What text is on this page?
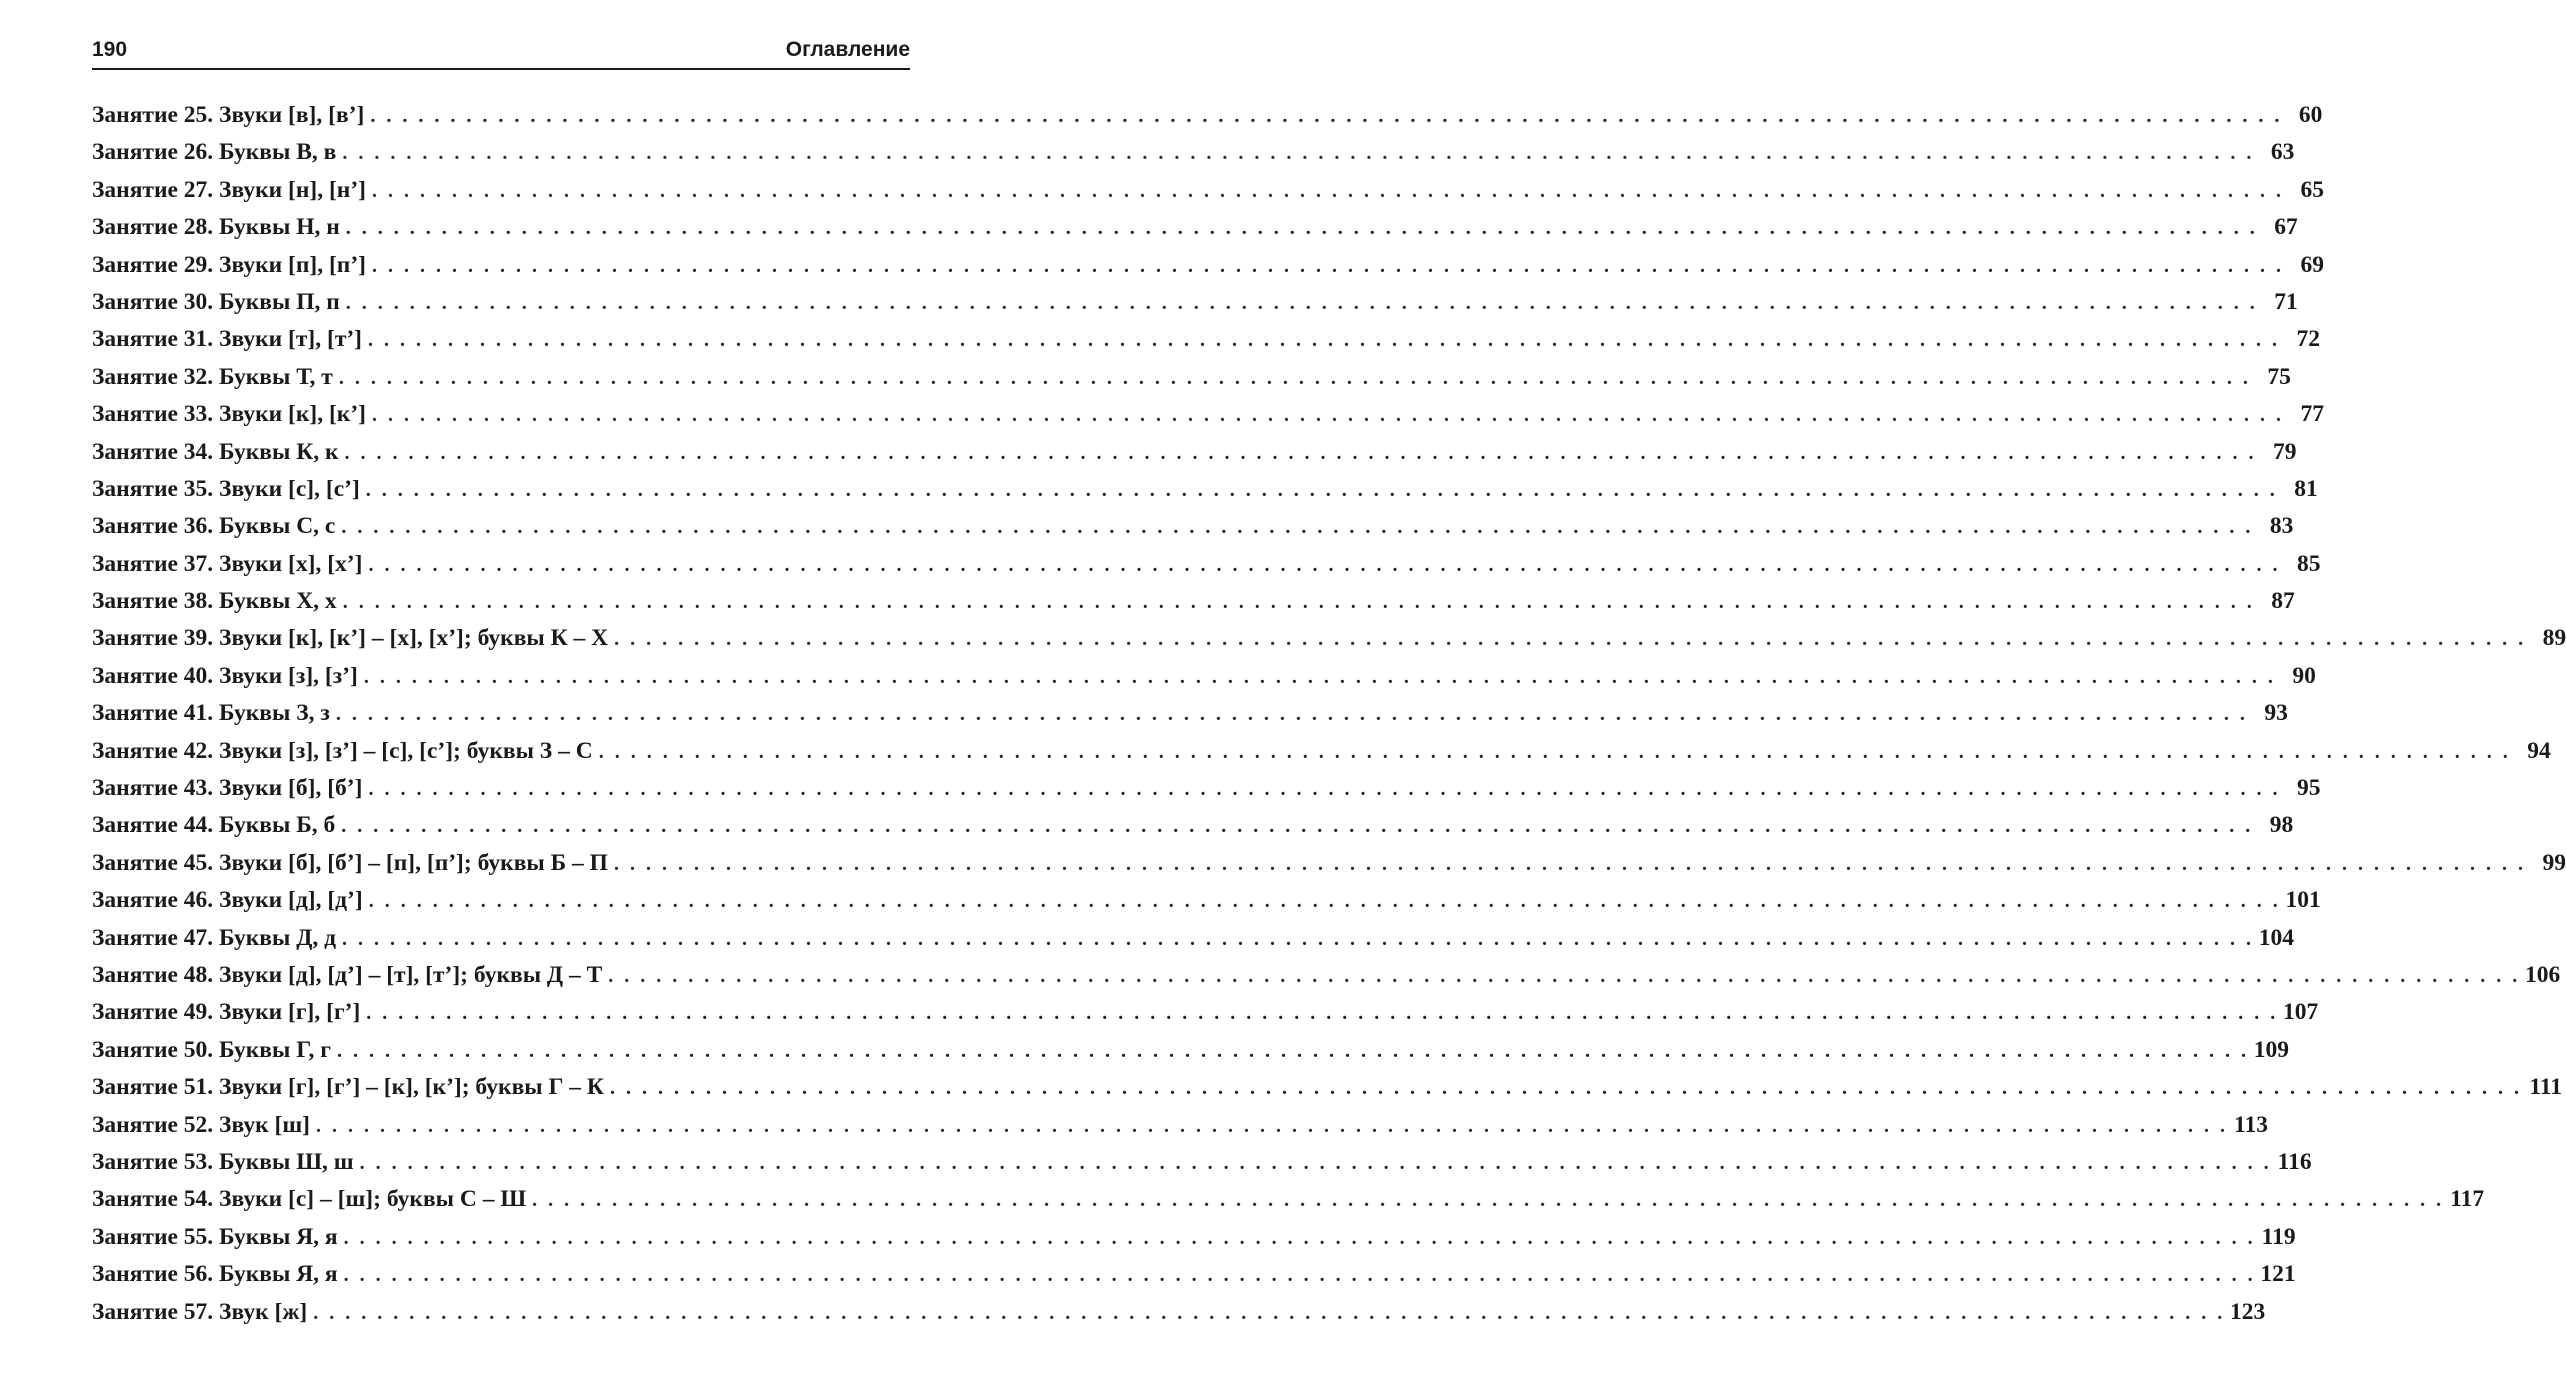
190	Оглавление
Занятие 25. Звуки [в], [в’] . . . . . . . . . . . . . . . . . . . . . . . . . . . . . . . . . . . . . . . . . . . . . . . . . . . . . . . . . . . . . . . . . . . . . . . . . . . . . . . . . . . . . . . . . . . . . . . . . . . . . . . . . . . . . . . . . . . . . . . . 60
Занятие 26. Буквы В, в . . . . . . . . . . . . . . . . . . . . . . . . . . . . . . . . . . . . . . . . . . . . . . . . . . . . . . . . . . . . . . . . . . . . . . . . . . . . . . . . . . . . . . . . . . . . . . . . . . . . . . . . . . . . . . . . . . . . . . . . 63
Занятие 27. Звуки [н], [н’] . . . . . . . . . . . . . . . . . . . . . . . . . . . . . . . . . . . . . . . . . . . . . . . . . . . . . . . . . . . . . . . . . . . . . . . . . . . . . . . . . . . . . . . . . . . . . . . . . . . . . . . . . . . . . . . . . . . . . . . . 65
Занятие 28. Буквы Н, н . . . . . . . . . . . . . . . . . . . . . . . . . . . . . . . . . . . . . . . . . . . . . . . . . . . . . . . . . . . . . . . . . . . . . . . . . . . . . . . . . . . . . . . . . . . . . . . . . . . . . . . . . . . . . . . . . . . . . . . . 67
Занятие 29. Звуки [п], [п’] . . . . . . . . . . . . . . . . . . . . . . . . . . . . . . . . . . . . . . . . . . . . . . . . . . . . . . . . . . . . . . . . . . . . . . . . . . . . . . . . . . . . . . . . . . . . . . . . . . . . . . . . . . . . . . . . . . . . . . . . 69
Занятие 30. Буквы П, п . . . . . . . . . . . . . . . . . . . . . . . . . . . . . . . . . . . . . . . . . . . . . . . . . . . . . . . . . . . . . . . . . . . . . . . . . . . . . . . . . . . . . . . . . . . . . . . . . . . . . . . . . . . . . . . . . . . . . . . . 71
Занятие 31. Звуки [т], [т’] . . . . . . . . . . . . . . . . . . . . . . . . . . . . . . . . . . . . . . . . . . . . . . . . . . . . . . . . . . . . . . . . . . . . . . . . . . . . . . . . . . . . . . . . . . . . . . . . . . . . . . . . . . . . . . . . . . . . . . . . 72
Занятие 32. Буквы Т, т . . . . . . . . . . . . . . . . . . . . . . . . . . . . . . . . . . . . . . . . . . . . . . . . . . . . . . . . . . . . . . . . . . . . . . . . . . . . . . . . . . . . . . . . . . . . . . . . . . . . . . . . . . . . . . . . . . . . . . . . 75
Занятие 33. Звуки [к], [к’] . . . . . . . . . . . . . . . . . . . . . . . . . . . . . . . . . . . . . . . . . . . . . . . . . . . . . . . . . . . . . . . . . . . . . . . . . . . . . . . . . . . . . . . . . . . . . . . . . . . . . . . . . . . . . . . . . . . . . . . . 77
Занятие 34. Буквы К, к . . . . . . . . . . . . . . . . . . . . . . . . . . . . . . . . . . . . . . . . . . . . . . . . . . . . . . . . . . . . . . . . . . . . . . . . . . . . . . . . . . . . . . . . . . . . . . . . . . . . . . . . . . . . . . . . . . . . . . . . 79
Занятие 35. Звуки [с], [с’] . . . . . . . . . . . . . . . . . . . . . . . . . . . . . . . . . . . . . . . . . . . . . . . . . . . . . . . . . . . . . . . . . . . . . . . . . . . . . . . . . . . . . . . . . . . . . . . . . . . . . . . . . . . . . . . . . . . . . . . . 81
Занятие 36. Буквы С, с . . . . . . . . . . . . . . . . . . . . . . . . . . . . . . . . . . . . . . . . . . . . . . . . . . . . . . . . . . . . . . . . . . . . . . . . . . . . . . . . . . . . . . . . . . . . . . . . . . . . . . . . . . . . . . . . . . . . . . . . 83
Занятие 37. Звуки [х], [х’] . . . . . . . . . . . . . . . . . . . . . . . . . . . . . . . . . . . . . . . . . . . . . . . . . . . . . . . . . . . . . . . . . . . . . . . . . . . . . . . . . . . . . . . . . . . . . . . . . . . . . . . . . . . . . . . . . . . . . . . . 85
Занятие 38. Буквы Х, х . . . . . . . . . . . . . . . . . . . . . . . . . . . . . . . . . . . . . . . . . . . . . . . . . . . . . . . . . . . . . . . . . . . . . . . . . . . . . . . . . . . . . . . . . . . . . . . . . . . . . . . . . . . . . . . . . . . . . . . . 87
Занятие 39. Звуки [к], [к’] – [х], [х’]; буквы К – Х . . . . . . . . . . . . . . . . . . . . . . . . . . . . . . . . . . . . . . . . . . . . . . . . . . . . . . . . . . . . . . . . . . . . . . . . . . . . . . . . . . . . . . . . . . . . . . . . . . . . . . . . . . . . . . . . . . . . . . . . 89
Занятие 40. Звуки [з], [з’] . . . . . . . . . . . . . . . . . . . . . . . . . . . . . . . . . . . . . . . . . . . . . . . . . . . . . . . . . . . . . . . . . . . . . . . . . . . . . . . . . . . . . . . . . . . . . . . . . . . . . . . . . . . . . . . . . . . . . . . . 90
Занятие 41. Буквы З, з . . . . . . . . . . . . . . . . . . . . . . . . . . . . . . . . . . . . . . . . . . . . . . . . . . . . . . . . . . . . . . . . . . . . . . . . . . . . . . . . . . . . . . . . . . . . . . . . . . . . . . . . . . . . . . . . . . . . . . . . 93
Занятие 42. Звуки [з], [з’] – [с], [с’]; буквы З – С . . . . . . . . . . . . . . . . . . . . . . . . . . . . . . . . . . . . . . . . . . . . . . . . . . . . . . . . . . . . . . . . . . . . . . . . . . . . . . . . . . . . . . . . . . . . . . . . . . . . . . . . . . . . . . . . . . . . . . . . 94
Занятие 43. Звуки [б], [б’] . . . . . . . . . . . . . . . . . . . . . . . . . . . . . . . . . . . . . . . . . . . . . . . . . . . . . . . . . . . . . . . . . . . . . . . . . . . . . . . . . . . . . . . . . . . . . . . . . . . . . . . . . . . . . . . . . . . . . . . . 95
Занятие 44. Буквы Б, б . . . . . . . . . . . . . . . . . . . . . . . . . . . . . . . . . . . . . . . . . . . . . . . . . . . . . . . . . . . . . . . . . . . . . . . . . . . . . . . . . . . . . . . . . . . . . . . . . . . . . . . . . . . . . . . . . . . . . . . . 98
Занятие 45. Звуки [б], [б’] – [п], [п’]; буквы Б – П . . . . . . . . . . . . . . . . . . . . . . . . . . . . . . . . . . . . . . . . . . . . . . . . . . . . . . . . . . . . . . . . . . . . . . . . . . . . . . . . . . . . . . . . . . . . . . . . . . . . . . . . . . . . . . . . . . . . . . . . 99
Занятие 46. Звуки [д], [д’] . . . . . . . . . . . . . . . . . . . . . . . . . . . . . . . . . . . . . . . . . . . . . . . . . . . . . . . . . . . . . . . . . . . . . . . . . . . . . . . . . . . . . . . . . . . . . . . . . . . . . . . . . . . . . . . . . . . . . . . . 101
Занятие 47. Буквы Д, д . . . . . . . . . . . . . . . . . . . . . . . . . . . . . . . . . . . . . . . . . . . . . . . . . . . . . . . . . . . . . . . . . . . . . . . . . . . . . . . . . . . . . . . . . . . . . . . . . . . . . . . . . . . . . . . . . . . . . . . . 104
Занятие 48. Звуки [д], [д’] – [т], [т’]; буквы Д – Т . . . . . . . . . . . . . . . . . . . . . . . . . . . . . . . . . . . . . . . . . . . . . . . . . . . . . . . . . . . . . . . . . . . . . . . . . . . . . . . . . . . . . . . . . . . . . . . . . . . . . . . . . . . . . . . . . . . . . . . . 106
Занятие 49. Звуки [г], [г’] . . . . . . . . . . . . . . . . . . . . . . . . . . . . . . . . . . . . . . . . . . . . . . . . . . . . . . . . . . . . . . . . . . . . . . . . . . . . . . . . . . . . . . . . . . . . . . . . . . . . . . . . . . . . . . . . . . . . . . . . 107
Занятие 50. Буквы Г, г . . . . . . . . . . . . . . . . . . . . . . . . . . . . . . . . . . . . . . . . . . . . . . . . . . . . . . . . . . . . . . . . . . . . . . . . . . . . . . . . . . . . . . . . . . . . . . . . . . . . . . . . . . . . . . . . . . . . . . . . 109
Занятие 51. Звуки [г], [г’] – [к], [к’]; буквы Г – К . . . . . . . . . . . . . . . . . . . . . . . . . . . . . . . . . . . . . . . . . . . . . . . . . . . . . . . . . . . . . . . . . . . . . . . . . . . . . . . . . . . . . . . . . . . . . . . . . . . . . . . . . . . . . . . . . . . . . . . . 111
Занятие 52. Звук [ш] . . . . . . . . . . . . . . . . . . . . . . . . . . . . . . . . . . . . . . . . . . . . . . . . . . . . . . . . . . . . . . . . . . . . . . . . . . . . . . . . . . . . . . . . . . . . . . . . . . . . . . . . . . . . . . . . . . . . . . . . 113
Занятие 53. Буквы Ш, ш . . . . . . . . . . . . . . . . . . . . . . . . . . . . . . . . . . . . . . . . . . . . . . . . . . . . . . . . . . . . . . . . . . . . . . . . . . . . . . . . . . . . . . . . . . . . . . . . . . . . . . . . . . . . . . . . . . . . . . . . 116
Занятие 54. Звуки [с] – [ш]; буквы С – Ш . . . . . . . . . . . . . . . . . . . . . . . . . . . . . . . . . . . . . . . . . . . . . . . . . . . . . . . . . . . . . . . . . . . . . . . . . . . . . . . . . . . . . . . . . . . . . . . . . . . . . . . . . . . . . . . . . . . . . . . . 117
Занятие 55. Буквы Я, я . . . . . . . . . . . . . . . . . . . . . . . . . . . . . . . . . . . . . . . . . . . . . . . . . . . . . . . . . . . . . . . . . . . . . . . . . . . . . . . . . . . . . . . . . . . . . . . . . . . . . . . . . . . . . . . . . . . . . . . . 119
Занятие 56. Буквы Я, я . . . . . . . . . . . . . . . . . . . . . . . . . . . . . . . . . . . . . . . . . . . . . . . . . . . . . . . . . . . . . . . . . . . . . . . . . . . . . . . . . . . . . . . . . . . . . . . . . . . . . . . . . . . . . . . . . . . . . . . . 121
Занятие 57. Звук [ж] . . . . . . . . . . . . . . . . . . . . . . . . . . . . . . . . . . . . . . . . . . . . . . . . . . . . . . . . . . . . . . . . . . . . . . . . . . . . . . . . . . . . . . . . . . . . . . . . . . . . . . . . . . . . . . . . . . . . . . . . 123
